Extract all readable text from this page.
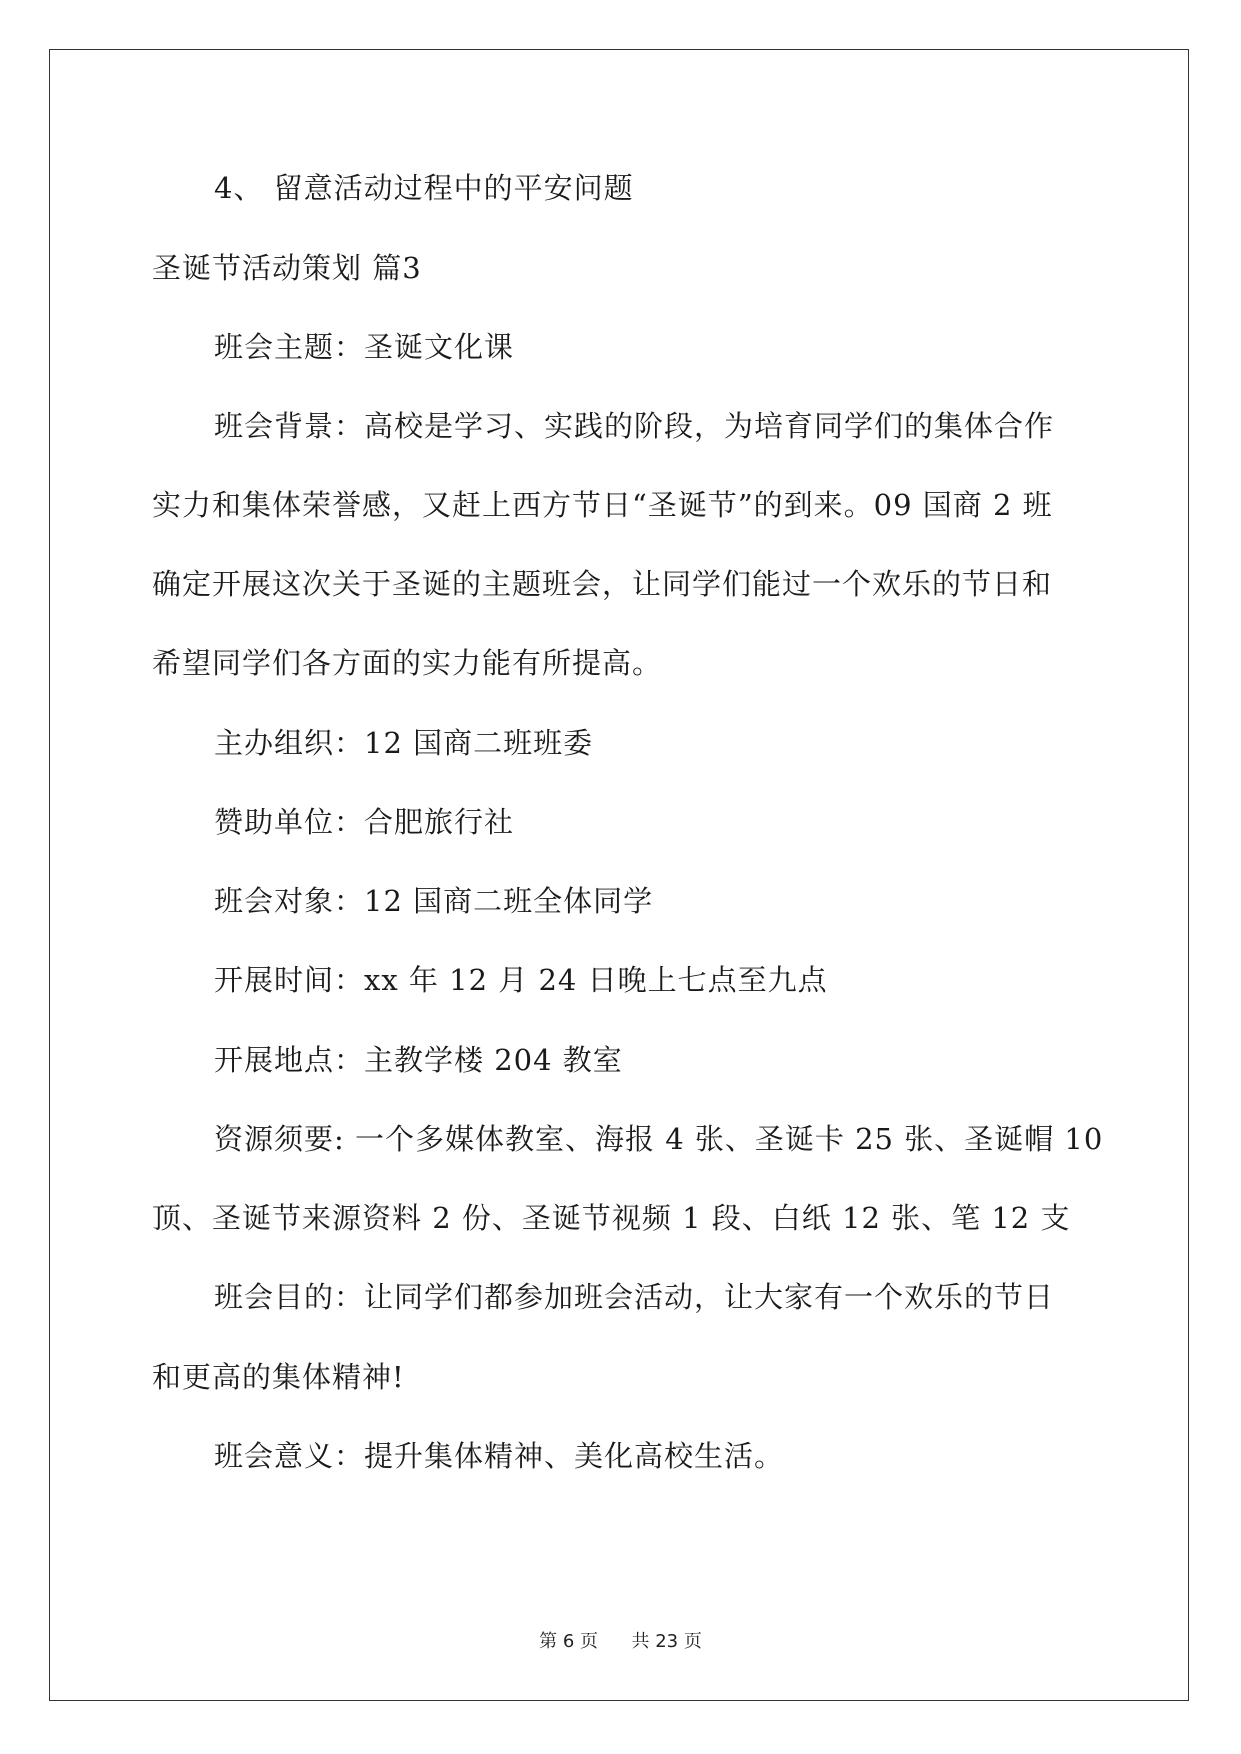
4、 留意活动过程中的平安问题
圣诞节活动策划 篇3
班会主题：圣诞文化课
班会背景：高校是学习、实践的阶段，为培育同学们的集体合作
实力和集体荣誉感，又赶上西方节日“圣诞节”的到来。09 国商 2 班
确定开展这次关于圣诞的主题班会，让同学们能过一个欢乐的节日和
希望同学们各方面的实力能有所提高。
主办组织：12 国商二班班委
赞助单位：合肥旅行社
班会对象：12 国商二班全体同学
开展时间：xx 年 12 月 24 日晚上七点至九点
开展地点：主教学楼 204 教室
资源须要: 一个多媒体教室、海报 4 张、圣诞卡 25 张、圣诞帽 10
顶、圣诞节来源资料 2 份、圣诞节视频 1 段、白纸 12 张、笔 12 支
班会目的：让同学们都参加班会活动，让大家有一个欢乐的节日
和更高的集体精神!
班会意义：提升集体精神、美化高校生活。
第 6 页 共 23 页
